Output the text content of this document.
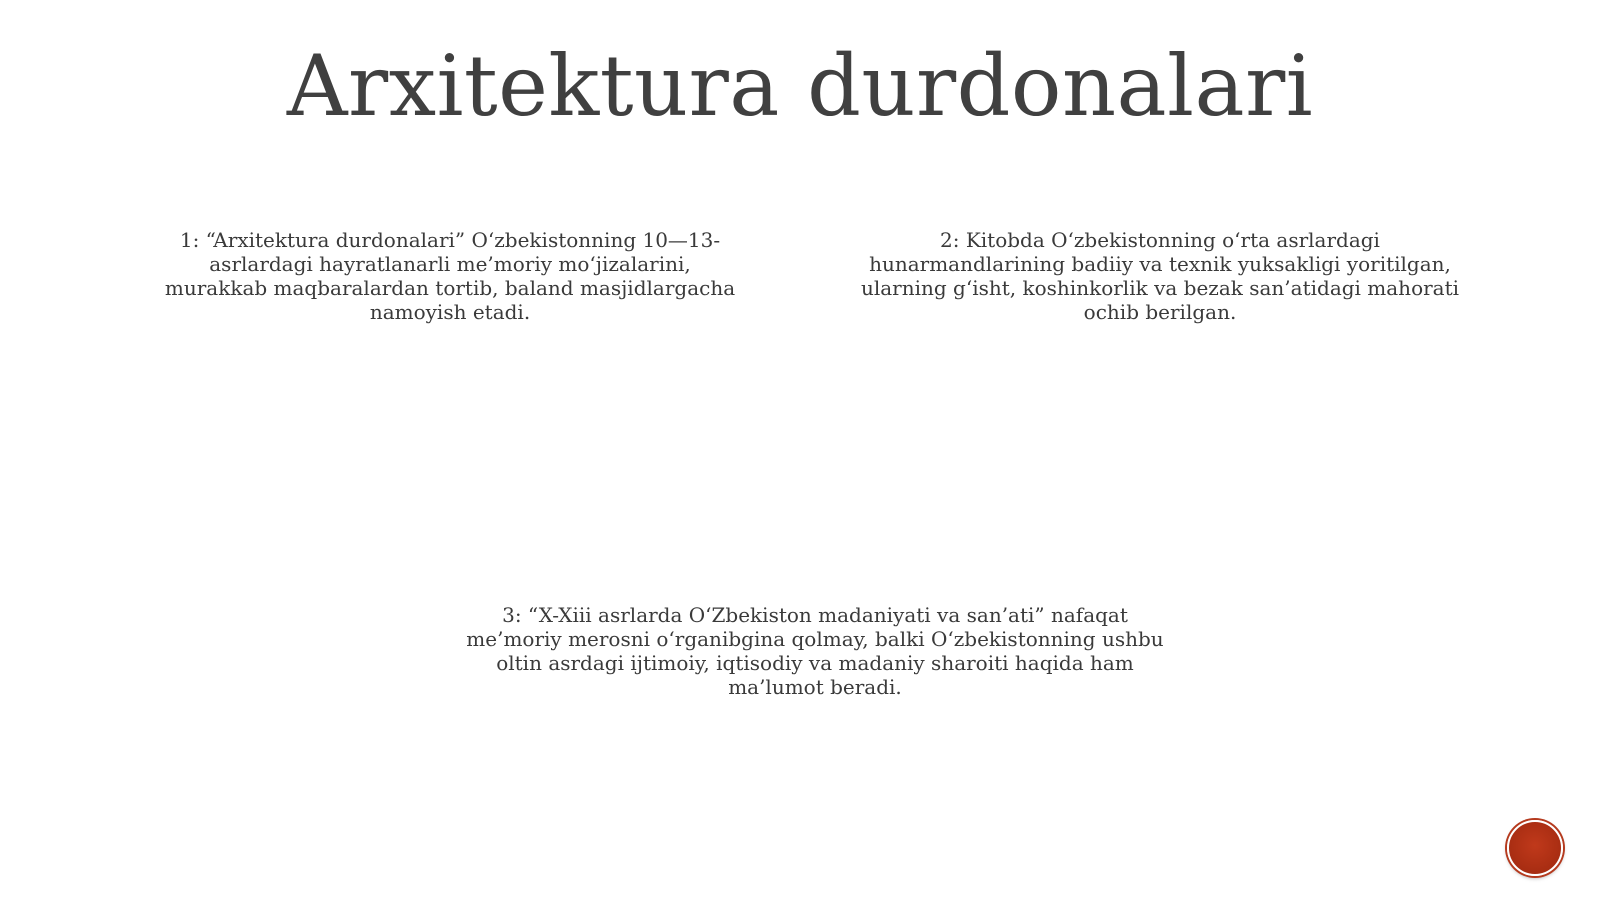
Arxitektura durdonalari

1: “Arxitektura durdonalari” O‘zbekistonning 10—13-asrlardagi hayratlanarli me’moriy mo‘jizalarini, murakkab maqbaralardan tortib, baland masjidlargacha namoyish etadi.

2: Kitobda O‘zbekistonning o‘rta asrlardagi hunarmandlarining badiiy va texnik yuksakligi yoritilgan, ularning g‘isht, koshinkorlik va bezak san’atidagi mahorati ochib berilgan.

3: “X-Xiii asrlarda O‘Zbekiston madaniyati va san’ati” nafaqat me’moriy merosni o‘rganibgina qolmay, balki O‘zbekistonning ushbu oltin asrdagi ijtimoiy, iqtisodiy va madaniy sharoiti haqida ham ma’lumot beradi.
